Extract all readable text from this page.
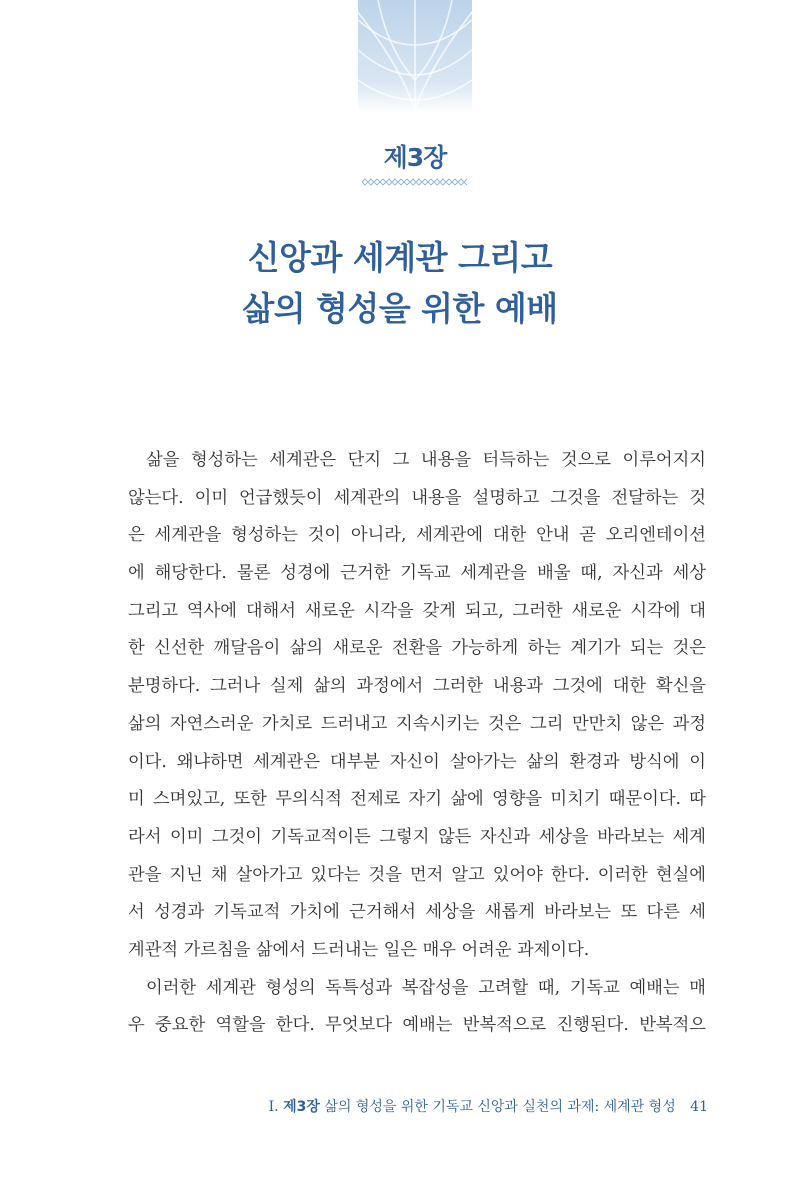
제3장
신앙과 세계관 그리고
삶의 형성을 위한 예배
삶을 형성하는 세계관은 단지 그 내용을 터득하는 것으로 이루어지지
않는다. 이미 언급했듯이 세계관의 내용을 설명하고 그것을 전달하는 것
은 세계관을 형성하는 것이 아니라, 세계관에 대한 안내 곧 오리엔테이션
에 해당한다. 물론 성경에 근거한 기독교 세계관을 배울 때, 자신과 세상
그리고 역사에 대해서 새로운 시각을 갖게 되고, 그러한 새로운 시각에 대
한 신선한 깨달음이 삶의 새로운 전환을 가능하게 하는 계기가 되는 것은
분명하다. 그러나 실제 삶의 과정에서 그러한 내용과 그것에 대한 확신을
삶의 자연스러운 가치로 드러내고 지속시키는 것은 그리 만만치 않은 과정
이다. 왜냐하면 세계관은 대부분 자신이 살아가는 삶의 환경과 방식에 이
미 스며있고, 또한 무의식적 전제로 자기 삶에 영향을 미치기 때문이다. 따
라서 이미 그것이 기독교적이든 그렇지 않든 자신과 세상을 바라보는 세계
관을 지닌 채 살아가고 있다는 것을 먼저 알고 있어야 한다. 이러한 현실에
서 성경과 기독교적 가치에 근거해서 세상을 새롭게 바라보는 또 다른 세
계관적 가르침을 삶에서 드러내는 일은 매우 어려운 과제이다.
이러한 세계관 형성의 독특성과 복잡성을 고려할 때, 기독교 예배는 매
우 중요한 역할을 한다. 무엇보다 예배는 반복적으로 진행된다. 반복적으
I. 제3장 삶의 형성을 위한 기독교 신앙과 실천의 과제: 세계관 형성 41
